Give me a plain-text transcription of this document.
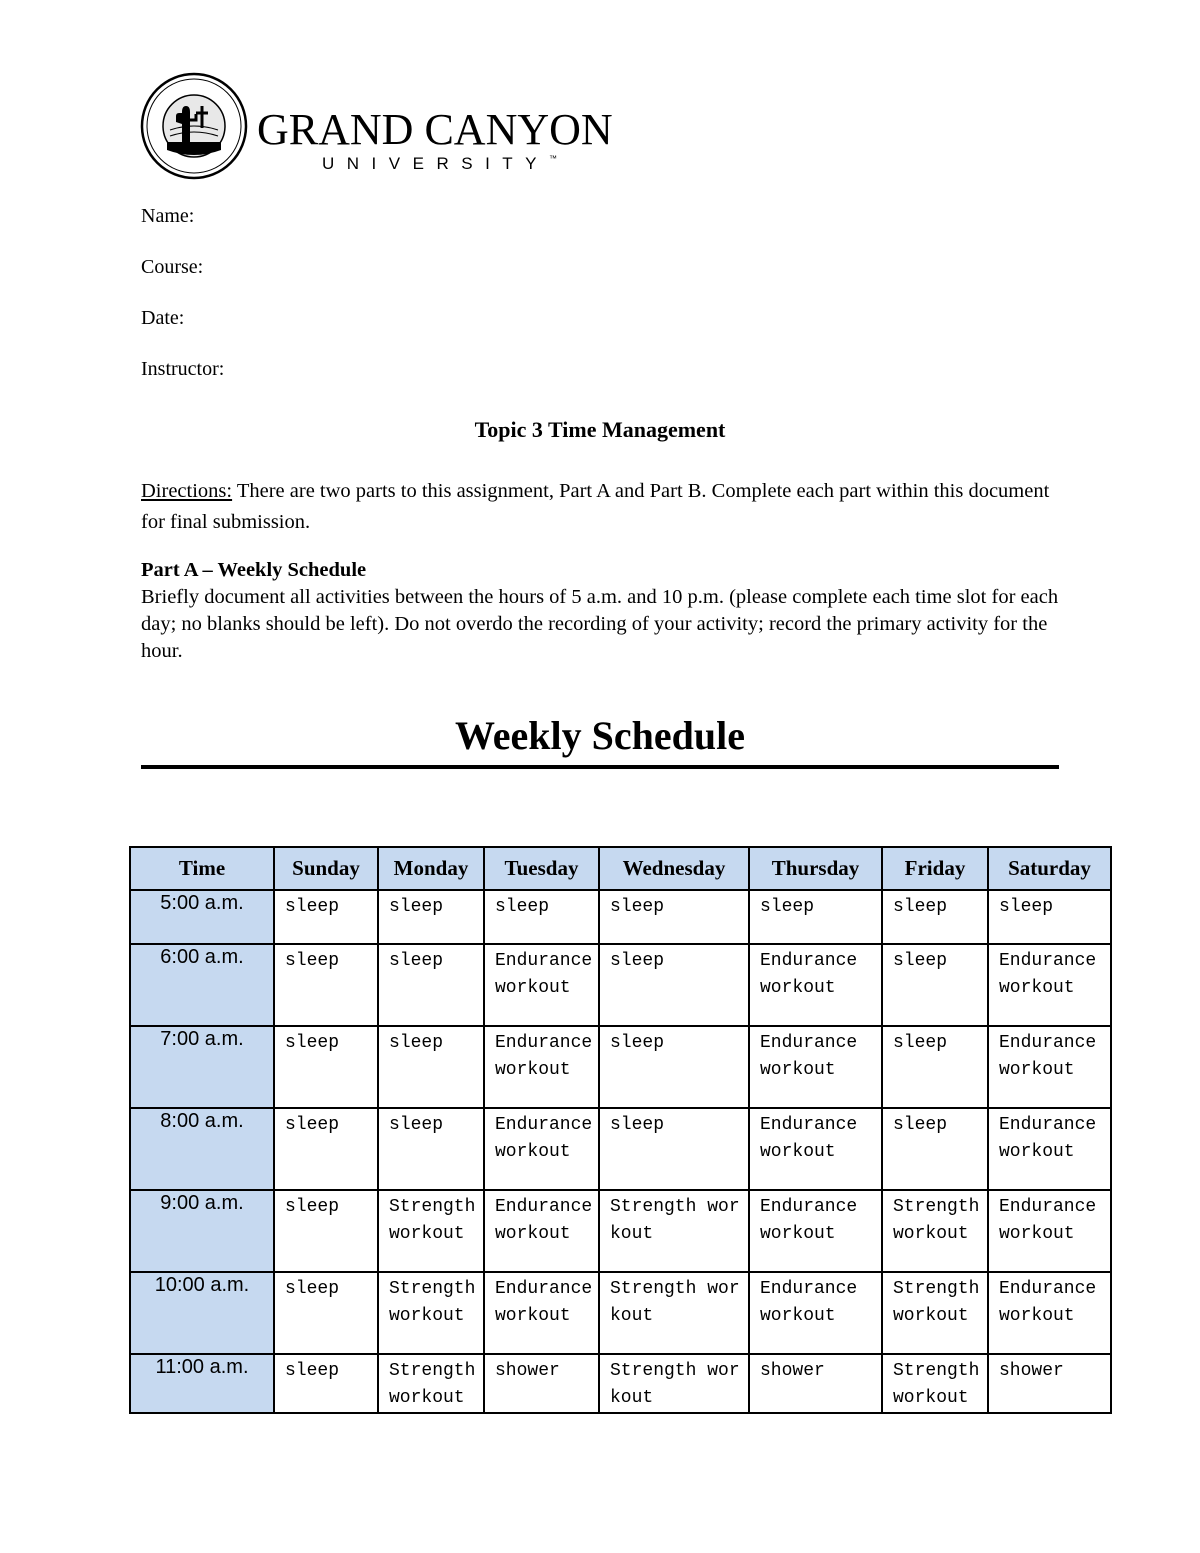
GRAND CANYON
UNIVERSITY™

Name:

Course:

Date:

Instructor:

Topic 3 Time Management

Directions: There are two parts to this assignment, Part A and Part B. Complete each part within this document for final submission.

Part A – Weekly Schedule
Briefly document all activities between the hours of 5 a.m. and 10 p.m. (please complete each time slot for each day; no blanks should be left). Do not overdo the recording of your activity; record the primary activity for the hour.
Weekly Schedule
Time	Sunday	Monday	Tuesday	Wednesday	Thursday	Friday	Saturday
5:00 a.m.	sleep	sleep	sleep	sleep	sleep	sleep	sleep
6:00 a.m.	sleep	sleep	Endurance workout	sleep	Endurance workout	sleep	Endurance workout
7:00 a.m.	sleep	sleep	Endurance workout	sleep	Endurance workout	sleep	Endurance workout
8:00 a.m.	sleep	sleep	Endurance workout	sleep	Endurance workout	sleep	Endurance workout
9:00 a.m.	sleep	Strength workout	Endurance workout	Strength workout	Endurance workout	Strength workout	Endurance workout
10:00 a.m.	sleep	Strength workout	Endurance workout	Strength workout	Endurance workout	Strength workout	Endurance workout
11:00 a.m.	sleep	Strength workout	shower	Strength workout	shower	Strength workout	shower
